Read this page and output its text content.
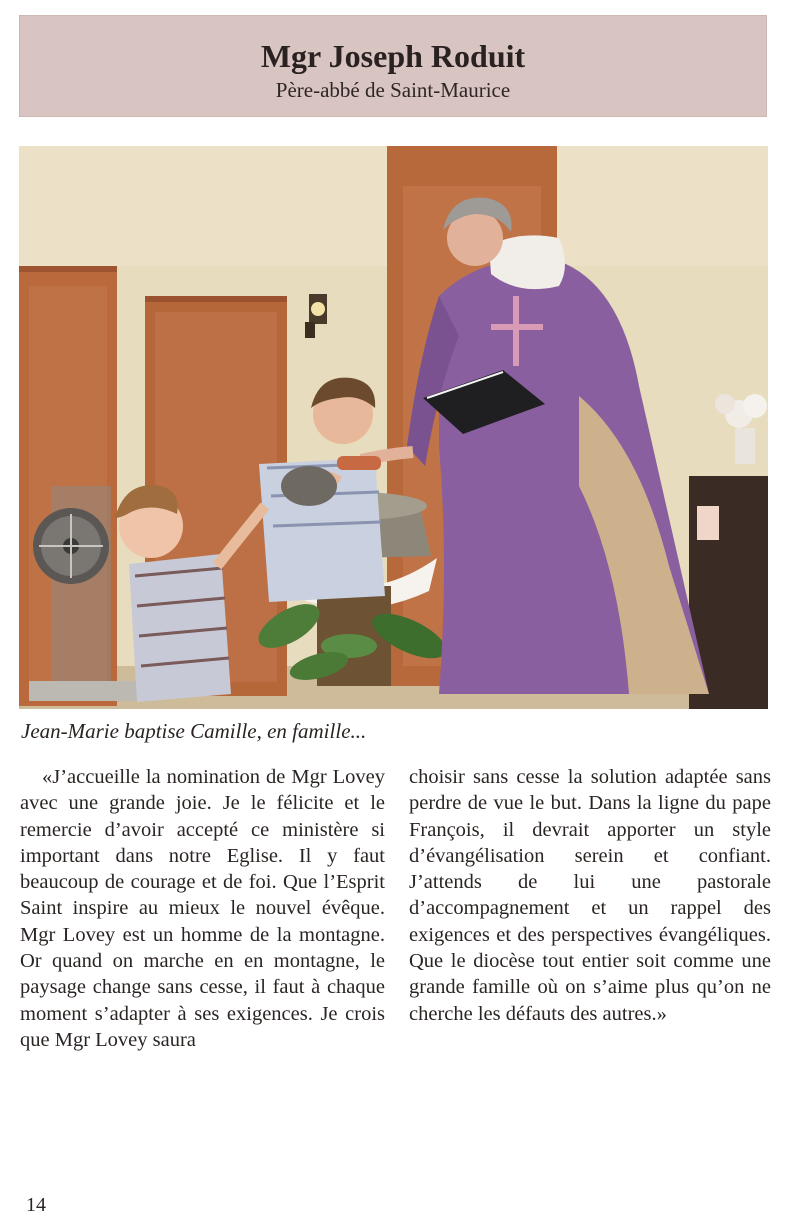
Mgr Joseph Roduit
Père-abbé de Saint-Maurice
Jean-Marie baptise Camille, en famille...

«J’accueille la nomination de Mgr Lovey avec une grande joie. Je le félicite et le remercie d’avoir accepté ce ministère si important dans notre Eglise. Il y faut beaucoup de courage et de foi. Que l’Esprit Saint inspire au mieux le nouvel évêque. Mgr Lovey est un homme de la montagne. Or quand on marche en en montagne, le paysage change sans cesse, il faut à chaque moment s’adapter à ses exigences. Je crois que Mgr Lovey saura

choisir sans cesse la solution adaptée sans perdre de vue le but. Dans la ligne du pape François, il devrait apporter un style d’évangélisation serein et confiant. J’attends de lui une pastorale d’accompagnement et un rappel des exigences et des perspectives évangéliques. Que le diocèse tout entier soit comme une grande famille où on s’aime plus qu’on ne cherche les défauts des autres.»

14
